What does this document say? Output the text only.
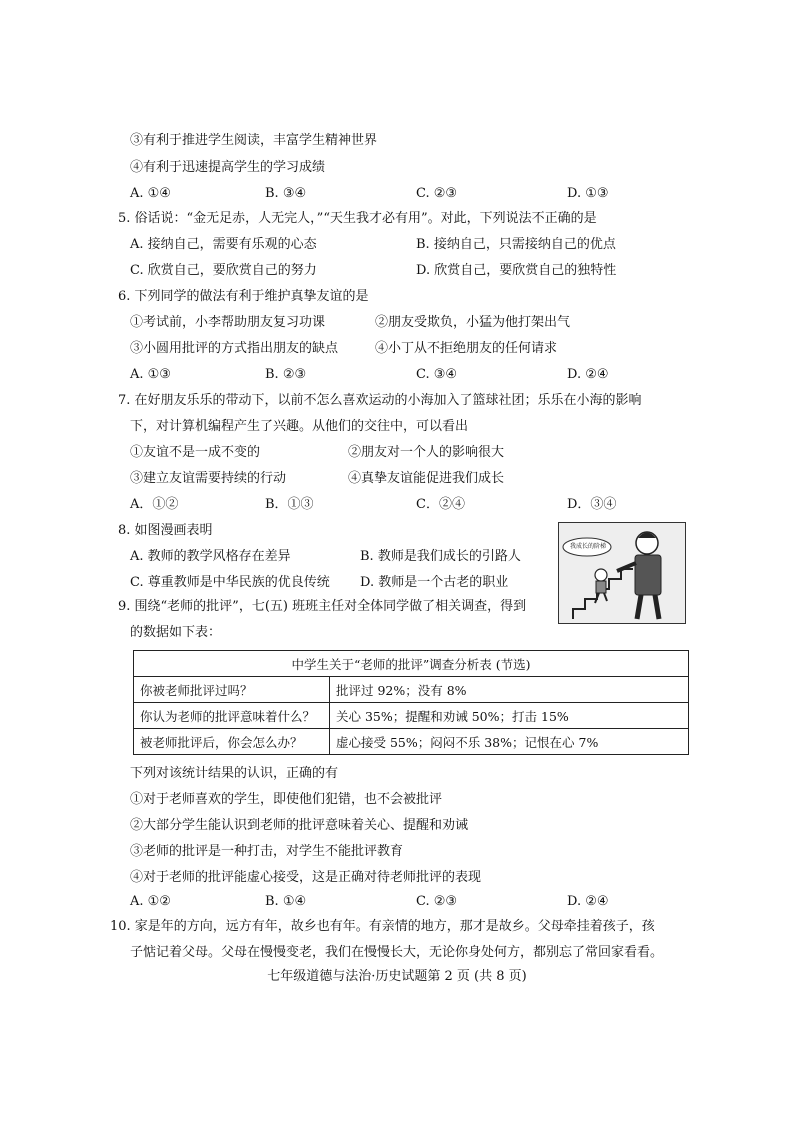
③有利于推进学生阅读，丰富学生精神世界
④有利于迅速提高学生的学习成绩
A. ①④	B. ③④	C. ②③	D. ①③
5. 俗话说：“金无足赤，人无完人，”“天生我才必有用”。对此，下列说法不正确的是
A. 接纳自己，需要有乐观的心态	B. 接纳自己，只需接纳自己的优点
C. 欣赏自己，要欣赏自己的努力	D. 欣赏自己，要欣赏自己的独特性
6. 下列同学的做法有利于维护真挚友谊的是
①考试前，小李帮助朋友复习功课	②朋友受欺负，小猛为他打架出气
③小圆用批评的方式指出朋友的缺点	④小丁从不拒绝朋友的任何请求
A. ①③	B. ②③	C. ③④	D. ②④
7. 在好朋友乐乐的带动下，以前不怎么喜欢运动的小海加入了篮球社团；乐乐在小海的影响
下，对计算机编程产生了兴趣。从他们的交往中，可以看出
①友谊不是一成不变的	②朋友对一个人的影响很大
③建立友谊需要持续的行动	④真挚友谊能促进我们成长
A．①②	B．①③	C．②④	D．③④
8. 如图漫画表明
A. 教师的教学风格存在差异	B. 教师是我们成长的引路人
C. 尊重教师是中华民族的优良传统 D. 教师是一个古老的职业
我成长的阶梯
9. 围绕“老师的批评”，七(五) 班班主任对全体同学做了相关调查，得到
的数据如下表：
中学生关于“老师的批评”调查分析表 (节选)	
你被老师批评过吗？	批评过 92%；没有 8%
你认为老师的批评意味着什么？	关心 35%；提醒和劝诫 50%；打击 15%
被老师批评后，你会怎么办？	虚心接受 55%；闷闷不乐 38%；记恨在心 7%
下列对该统计结果的认识，正确的有
①对于老师喜欢的学生，即使他们犯错，也不会被批评
②大部分学生能认识到老师的批评意味着关心、提醒和劝诫
③老师的批评是一种打击，对学生不能批评教育
④对于老师的批评能虚心接受，这是正确对待老师批评的表现
A. ①②	B. ①④	C. ②③	D. ②④
10. 家是年的方向，远方有年，故乡也有年。有亲情的地方，那才是故乡。父母牵挂着孩子，孩
子惦记着父母。父母在慢慢变老，我们在慢慢长大，无论你身处何方，都别忘了常回家看看。
七年级道德与法治·历史试题第 2 页 (共 8 页)
